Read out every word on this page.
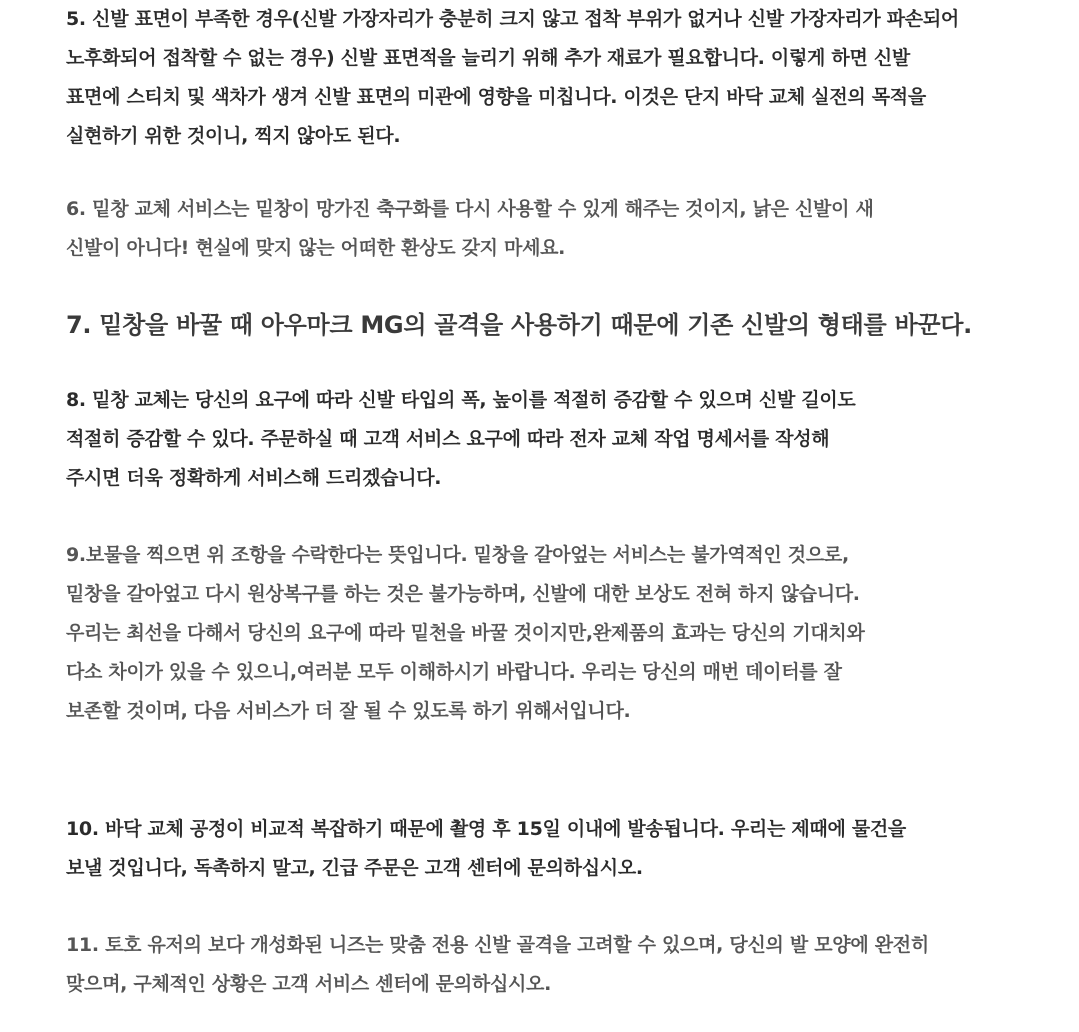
5. 신발 표면이 부족한 경우(신발 가장자리가 충분히 크지 않고 접착 부위가 없거나 신발 가장자리가 파손되어
노후화되어 접착할 수 없는 경우) 신발 표면적을 늘리기 위해 추가 재료가 필요합니다. 이렇게 하면 신발
표면에 스티치 및 색차가 생겨 신발 표면의 미관에 영향을 미칩니다. 이것은 단지 바닥 교체 실전의 목적을
실현하기 위한 것이니, 찍지 않아도 된다.
6. 밑창 교체 서비스는 밑창이 망가진 축구화를 다시 사용할 수 있게 해주는 것이지, 낡은 신발이 새
신발이 아니다! 현실에 맞지 않는 어떠한 환상도 갖지 마세요.
7. 밑창을 바꿀 때 아우마크 MG의 골격을 사용하기 때문에 기존 신발의 형태를 바꾼다.
8. 밑창 교체는 당신의 요구에 따라 신발 타입의 폭, 높이를 적절히 증감할 수 있으며 신발 길이도
적절히 증감할 수 있다. 주문하실 때 고객 서비스 요구에 따라 전자 교체 작업 명세서를 작성해
주시면 더욱 정확하게 서비스해 드리겠습니다.
9.보물을 찍으면 위 조항을 수락한다는 뜻입니다. 밑창을 갈아엎는 서비스는 불가역적인 것으로,
밑창을 갈아엎고 다시 원상복구를 하는 것은 불가능하며, 신발에 대한 보상도 전혀 하지 않습니다.
우리는 최선을 다해서 당신의 요구에 따라 밑천을 바꿀 것이지만,완제품의 효과는 당신의 기대치와
다소 차이가 있을 수 있으니,여러분 모두 이해하시기 바랍니다. 우리는 당신의 매번 데이터를 잘
보존할 것이며, 다음 서비스가 더 잘 될 수 있도록 하기 위해서입니다.
10. 바닥 교체 공정이 비교적 복잡하기 때문에 촬영 후 15일 이내에 발송됩니다. 우리는 제때에 물건을
보낼 것입니다, 독촉하지 말고, 긴급 주문은 고객 센터에 문의하십시오.
11. 토호 유저의 보다 개성화된 니즈는 맞춤 전용 신발 골격을 고려할 수 있으며, 당신의 발 모양에 완전히
맞으며, 구체적인 상황은 고객 서비스 센터에 문의하십시오.
